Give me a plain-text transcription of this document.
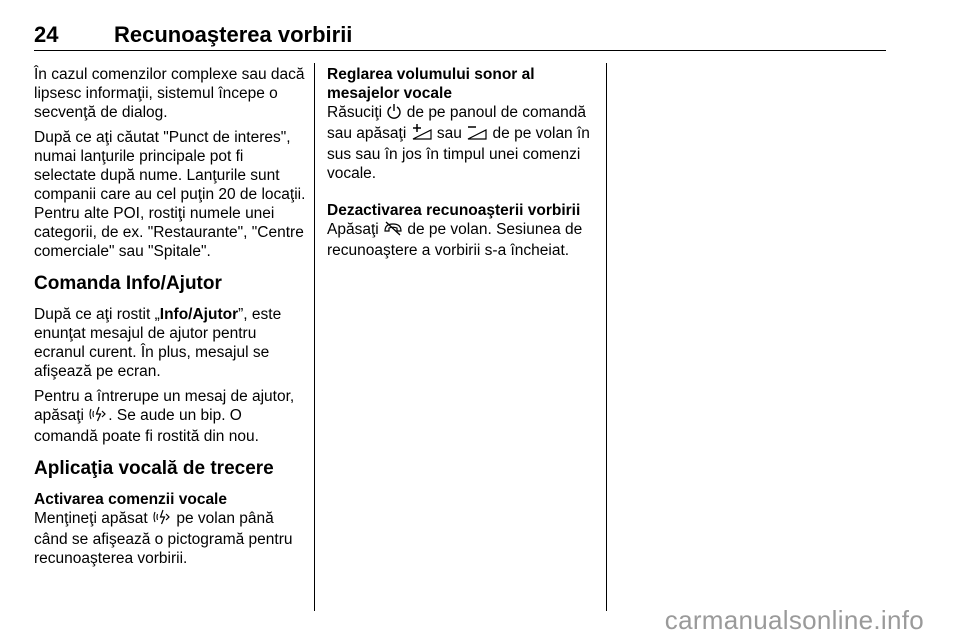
24	Recunoaşterea vorbirii

În cazul comenzilor complexe sau dacă lipsesc informaţii, sistemul începe o secvenţă de dialog.

După ce aţi căutat "Punct de interes", numai lanţurile principale pot fi selectate după nume. Lanţurile sunt companii care au cel puţin 20 de locaţii. Pentru alte POI, rostiţi numele unei categorii, de ex. "Restaurante", "Centre comerciale" sau "Spitale".

Comanda Info/Ajutor

După ce aţi rostit „Info/Ajutor”, este enunţat mesajul de ajutor pentru ecranul curent. În plus, mesajul se afişează pe ecran.

Pentru a întrerupe un mesaj de ajutor, apăsaţi . Se aude un bip. O comandă poate fi rostită din nou.

Aplicaţia vocală de trecere
Activarea comenzii vocale

Menţineţi apăsat pe volan până când se afişează o pictogramă pentru recunoaşterea vorbirii.

Reglarea volumului sonor al mesajelor vocale

Răsuciţi de pe panoul de comandă sau apăsaţi sau de pe volan în sus sau în jos în timpul unei comenzi vocale.

Dezactivarea recunoaşterii vorbirii

Apăsaţi de pe volan. Sesiunea de recunoaştere a vorbirii s-a încheiat.

carmanualsonline.info
